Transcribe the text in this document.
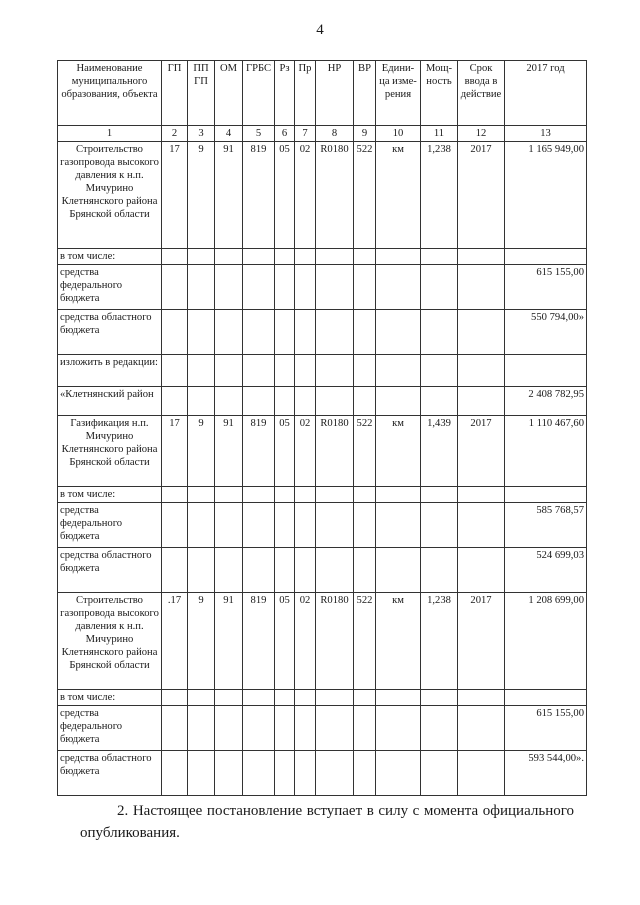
4
Наименование муниципального образования, объекта	ГП	ПП ГП	ОМ	ГРБС	Рз	Пр	НР	ВР	Едини-ца изме-рения	Мощ-ность	Срок ввода в действие	2017 год
1	2	3	4	5	6	7	8	9	10	11	12	13
Строительство газопровода высокого давления к н.п. Мичурино Клетнянского района Брянской области	17	9	91	819	05	02	R0180	522	км	1,238	2017	1 165 949,00
в том числе:												
средства федерального бюджета												615 155,00
средства областного бюджета												550 794,00»
изложить в редакции:												
«Клетнянский район												2 408 782,95
Газификация н.п. Мичурино Клетнянского района Брянской области	17	9	91	819	05	02	R0180	522	км	1,439	2017	1 110 467,60
в том числе:												
средства федерального бюджета												585 768,57
средства областного бюджета												524 699,03
Строительство газопровода высокого давления к н.п. Мичурино Клетнянского района Брянской области	.17	9	91	819	05	02	R0180	522	км	1,238	2017	1 208 699,00
в том числе:												
средства федерального бюджета												615 155,00
средства областного бюджета												593 544,00».
2. Настоящее постановление вступает в силу с момента официального
опубликования.
